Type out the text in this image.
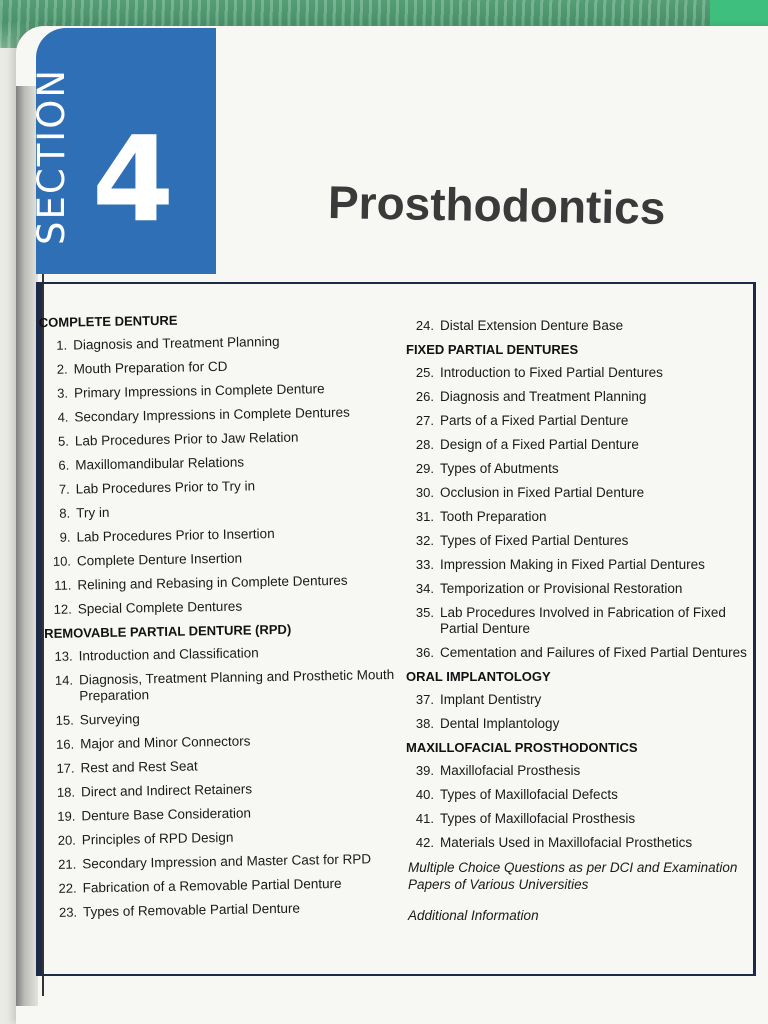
SECTION 4	Prosthodontics
COMPLETE DENTURE
1. Diagnosis and Treatment Planning
2. Mouth Preparation for CD
3. Primary Impressions in Complete Denture
4. Secondary Impressions in Complete Dentures
5. Lab Procedures Prior to Jaw Relation
6. Maxillomandibular Relations
7. Lab Procedures Prior to Try in
8. Try in
9. Lab Procedures Prior to Insertion
10. Complete Denture Insertion
11. Relining and Rebasing in Complete Dentures
12. Special Complete Dentures
REMOVABLE PARTIAL DENTURE (RPD)
13. Introduction and Classification
14. Diagnosis, Treatment Planning and Prosthetic Mouth Preparation
15. Surveying
16. Major and Minor Connectors
17. Rest and Rest Seat
18. Direct and Indirect Retainers
19. Denture Base Consideration
20. Principles of RPD Design
21. Secondary Impression and Master Cast for RPD
22. Fabrication of a Removable Partial Denture
23. Types of Removable Partial Denture
24. Distal Extension Denture Base
FIXED PARTIAL DENTURES
25. Introduction to Fixed Partial Dentures
26. Diagnosis and Treatment Planning
27. Parts of a Fixed Partial Denture
28. Design of a Fixed Partial Denture
29. Types of Abutments
30. Occlusion in Fixed Partial Denture
31. Tooth Preparation
32. Types of Fixed Partial Dentures
33. Impression Making in Fixed Partial Dentures
34. Temporization or Provisional Restoration
35. Lab Procedures Involved in Fabrication of Fixed Partial Denture
36. Cementation and Failures of Fixed Partial Dentures
ORAL IMPLANTOLOGY
37. Implant Dentistry
38. Dental Implantology
MAXILLOFACIAL PROSTHODONTICS
39. Maxillofacial Prosthesis
40. Types of Maxillofacial Defects
41. Types of Maxillofacial Prosthesis
42. Materials Used in Maxillofacial Prosthetics
Multiple Choice Questions as per DCI and Examination Papers of Various Universities
Additional Information
